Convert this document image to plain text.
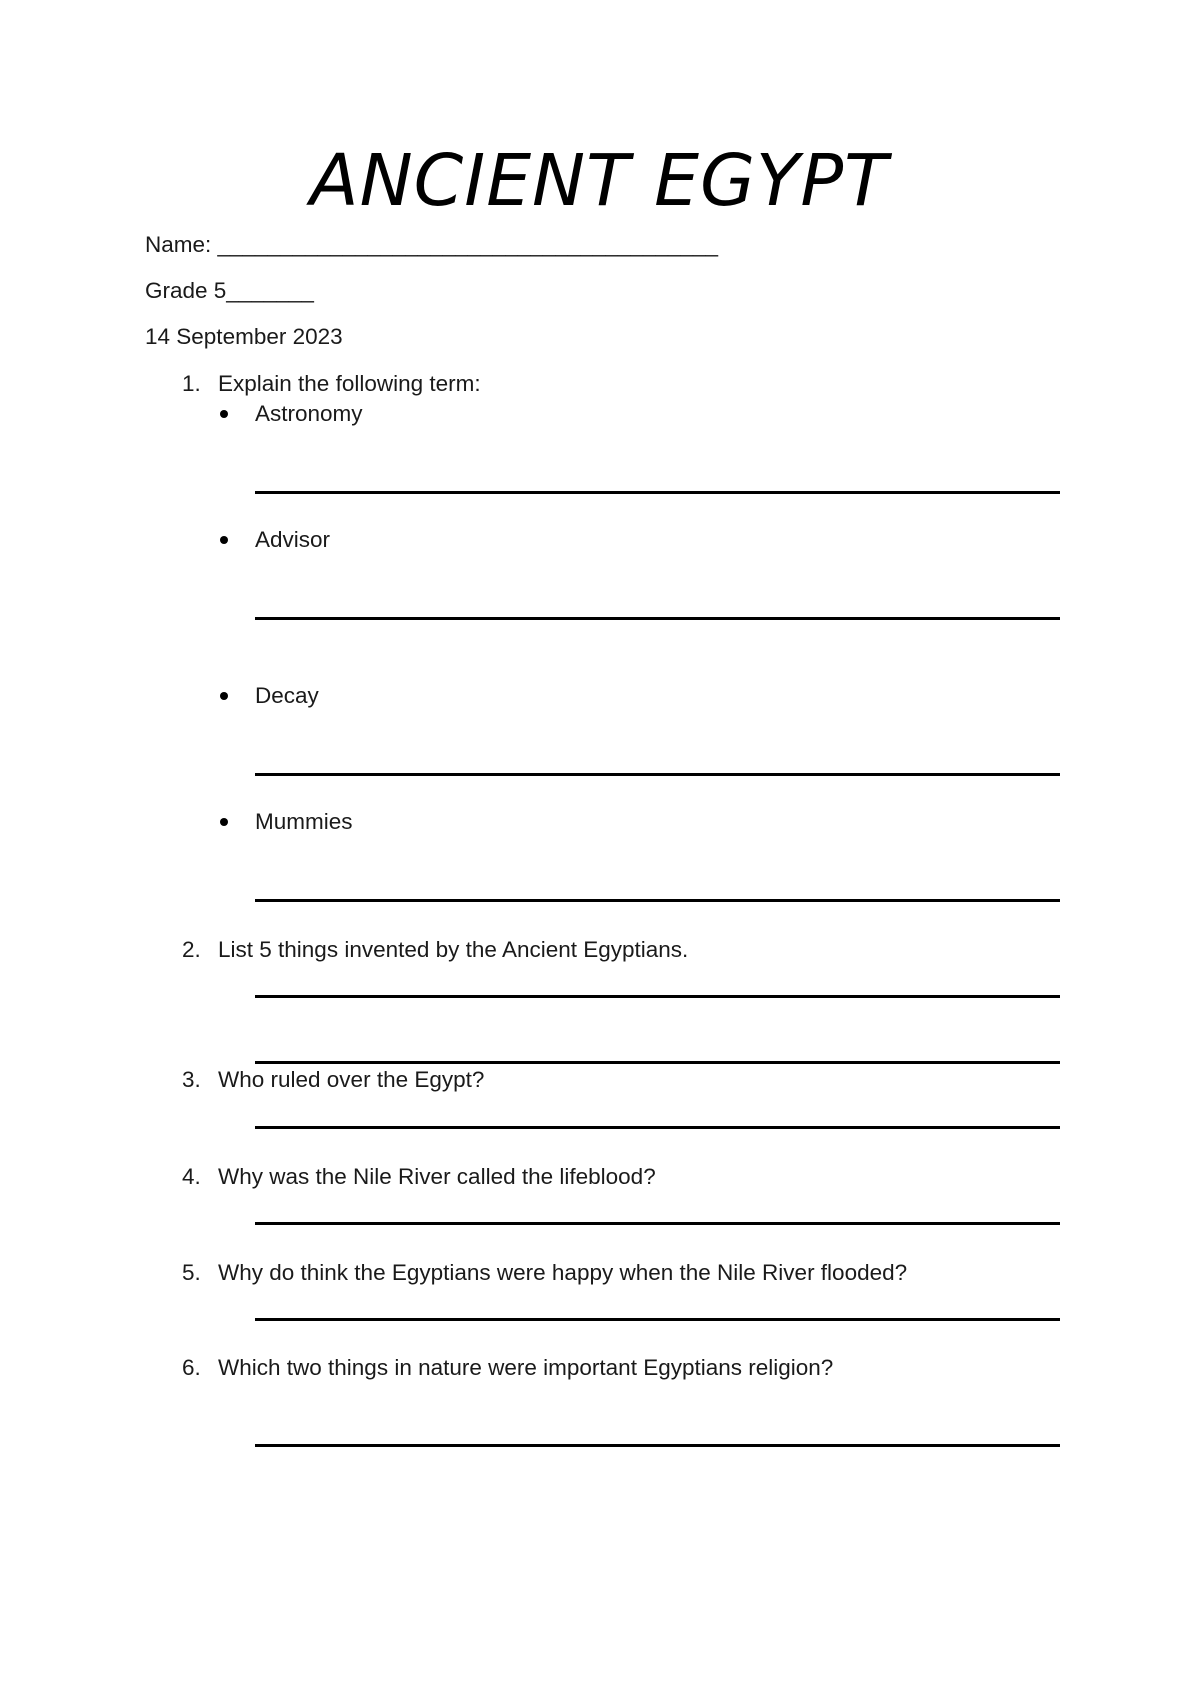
ANCIENT EGYPT
Name: ________________________________________
Grade 5_______
14 September 2023
1. Explain the following term:
Astronomy
Advisor
Decay
Mummies
2. List 5 things invented by the Ancient Egyptians.
3. Who ruled over the Egypt?
4. Why was the Nile River called the lifeblood?
5. Why do think the Egyptians were happy when the Nile River flooded?
6. Which two things in nature were important Egyptians religion?
